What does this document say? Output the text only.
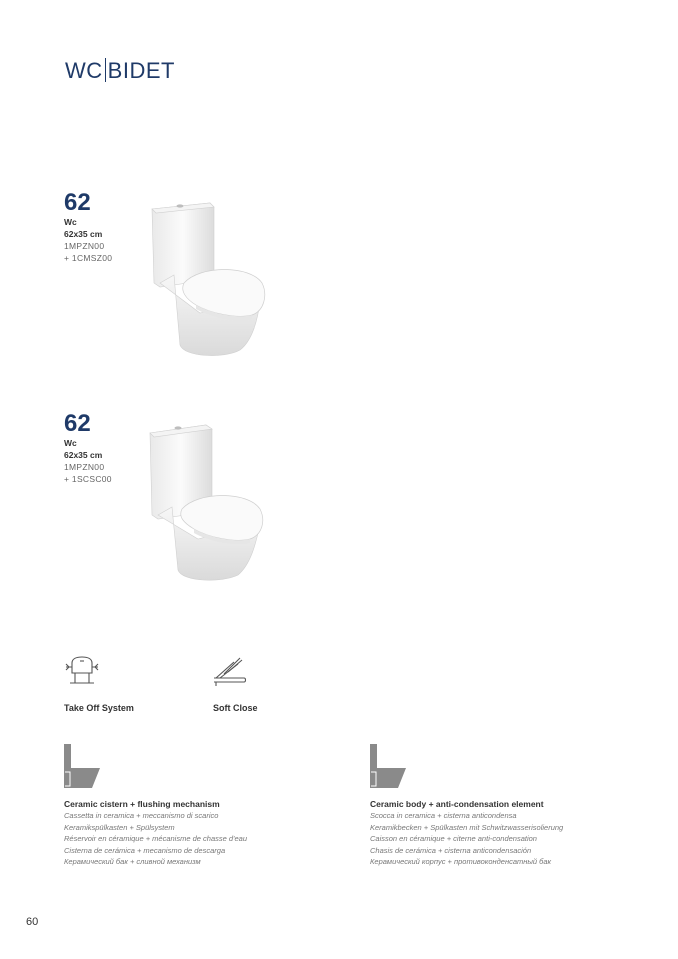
WC BIDET
62
Wc
62x35 cm
1MPZN00
+ 1CMSZ00
62
Wc
62x35 cm
1MPZN00
+ 1SCSC00
Take Off System	Soft Close
Ceramic cistern + flushing mechanism
Cassetta in ceramica + meccanismo di scarico
Keramikspülkasten + Spülsystem
Réservoir en céramique + mécanisme de chasse d'eau
Cisterna de cerámica + mecanismo de descarga
Керамический бак + сливной механизм
Ceramic body + anti-condensation element
Scocca in ceramica + cisterna anticondensa
Keramikbecken + Spülkasten mit Schwitzwasserisolierung
Caisson en céramique + citerne anti-condensation
Chasis de cerámica + cisterna anticondensación
Керамический корпус + противоконденсатный бак
60
